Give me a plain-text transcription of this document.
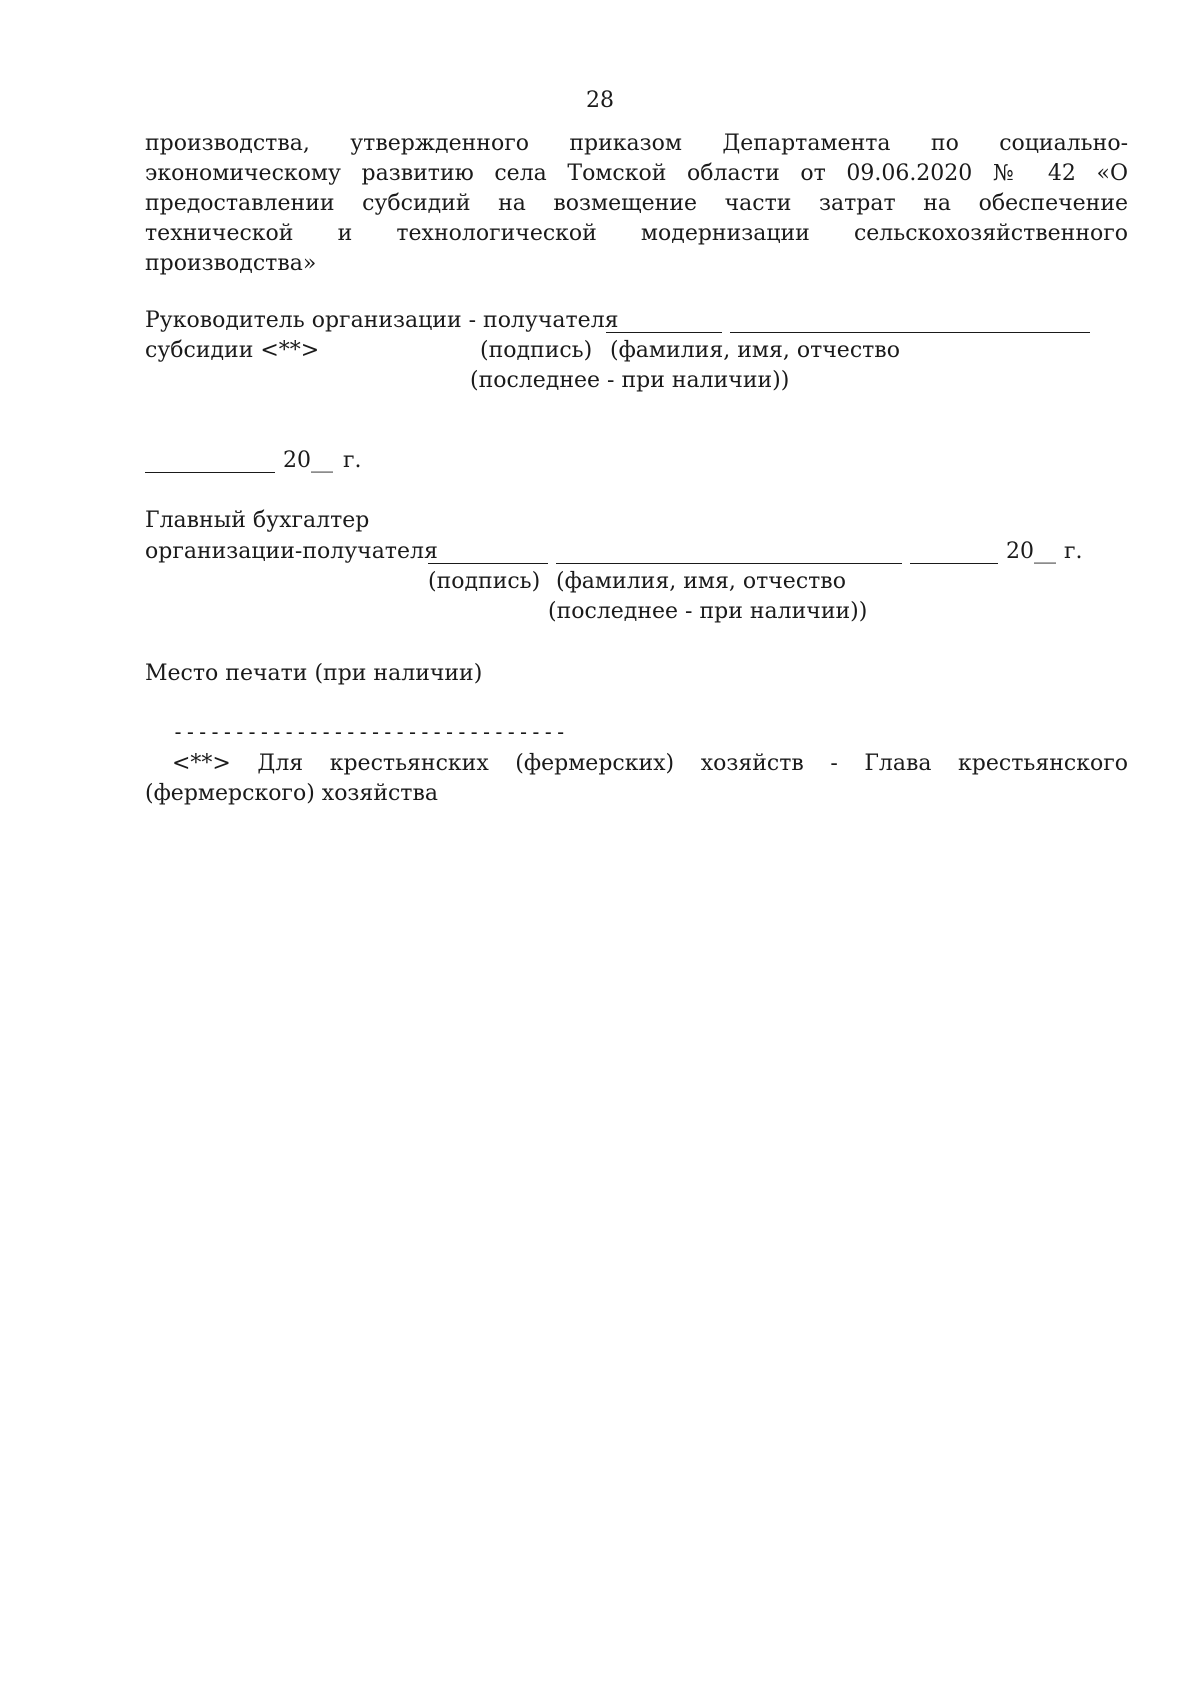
28
производства, утвержденного приказом Департамента по социально-
экономическому развитию села Томской области от 09.06.2020 № 42 «О
предоставлении субсидий на возмещение части затрат на обеспечение
технической и технологической модернизации сельскохозяйственного
производства»
Руководитель организации - получателя
субсидии <**>	(подпись) (фамилия, имя, отчество
(последнее - при наличии))
20__ г.
Главный бухгалтер
организации-получателя	20__ г.
(подпись) (фамилия, имя, отчество
(последнее - при наличии))
Место печати (при наличии)
--------------------------------
<**> Для крестьянских (фермерских) хозяйств - Глава крестьянского
(фермерского) хозяйства
